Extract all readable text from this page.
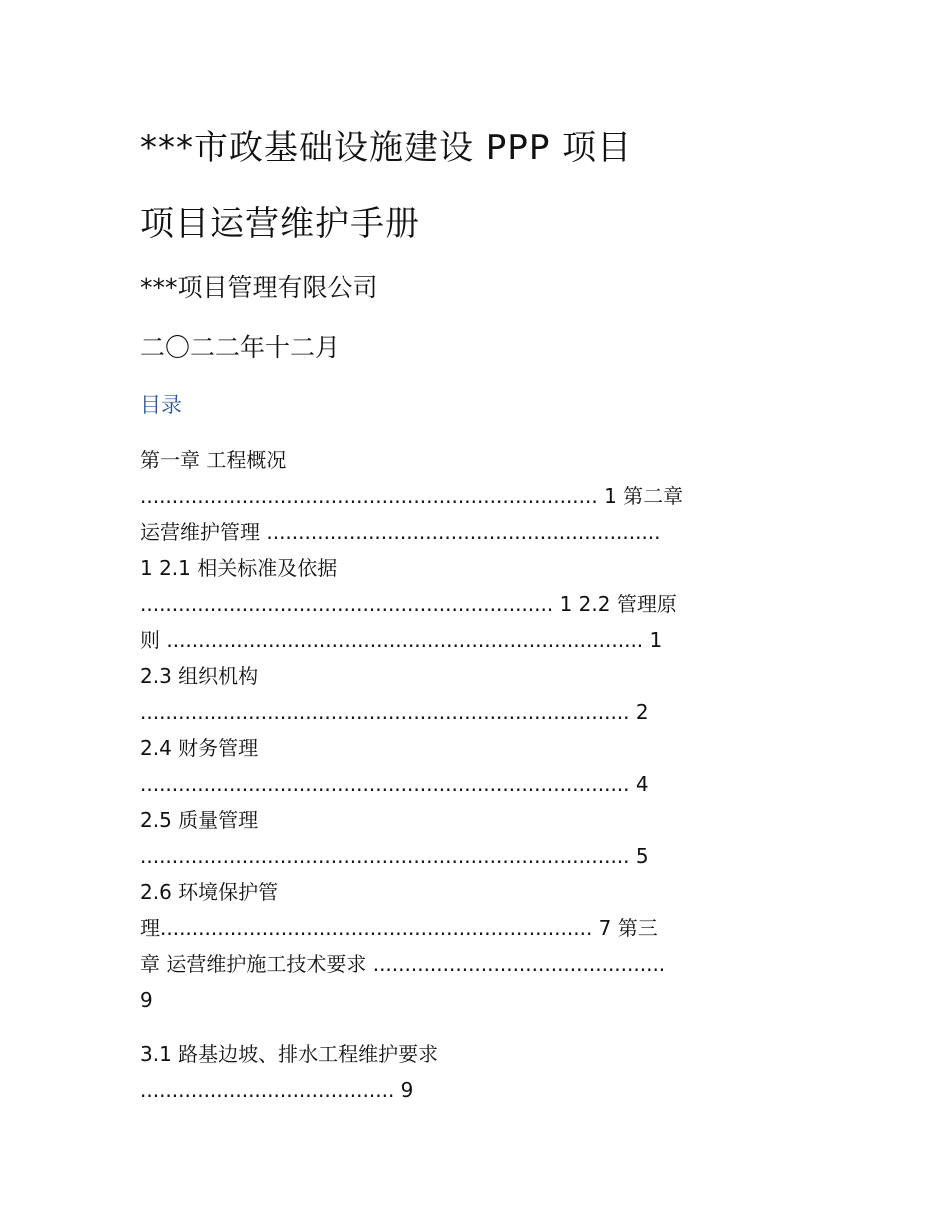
***市政基础设施建设 PPP 项目
项目运营维护手册
***项目管理有限公司
二〇二二年十二月
目录
第一章 工程概况
........................................................................ 1 第二章
运营维护管理 ..............................................................
1 2.1 相关标准及依据
................................................................. 1 2.2 管理原
则 ........................................................................... 1
2.3 组织机构
............................................................................. 2
2.4 财务管理
............................................................................. 4
2.5 质量管理
............................................................................. 5
2.6 环境保护管
理.................................................................... 7 第三
章 运营维护施工技术要求 ..............................................
9
3.1 路基边坡、排水工程维护要求
........................................ 9
